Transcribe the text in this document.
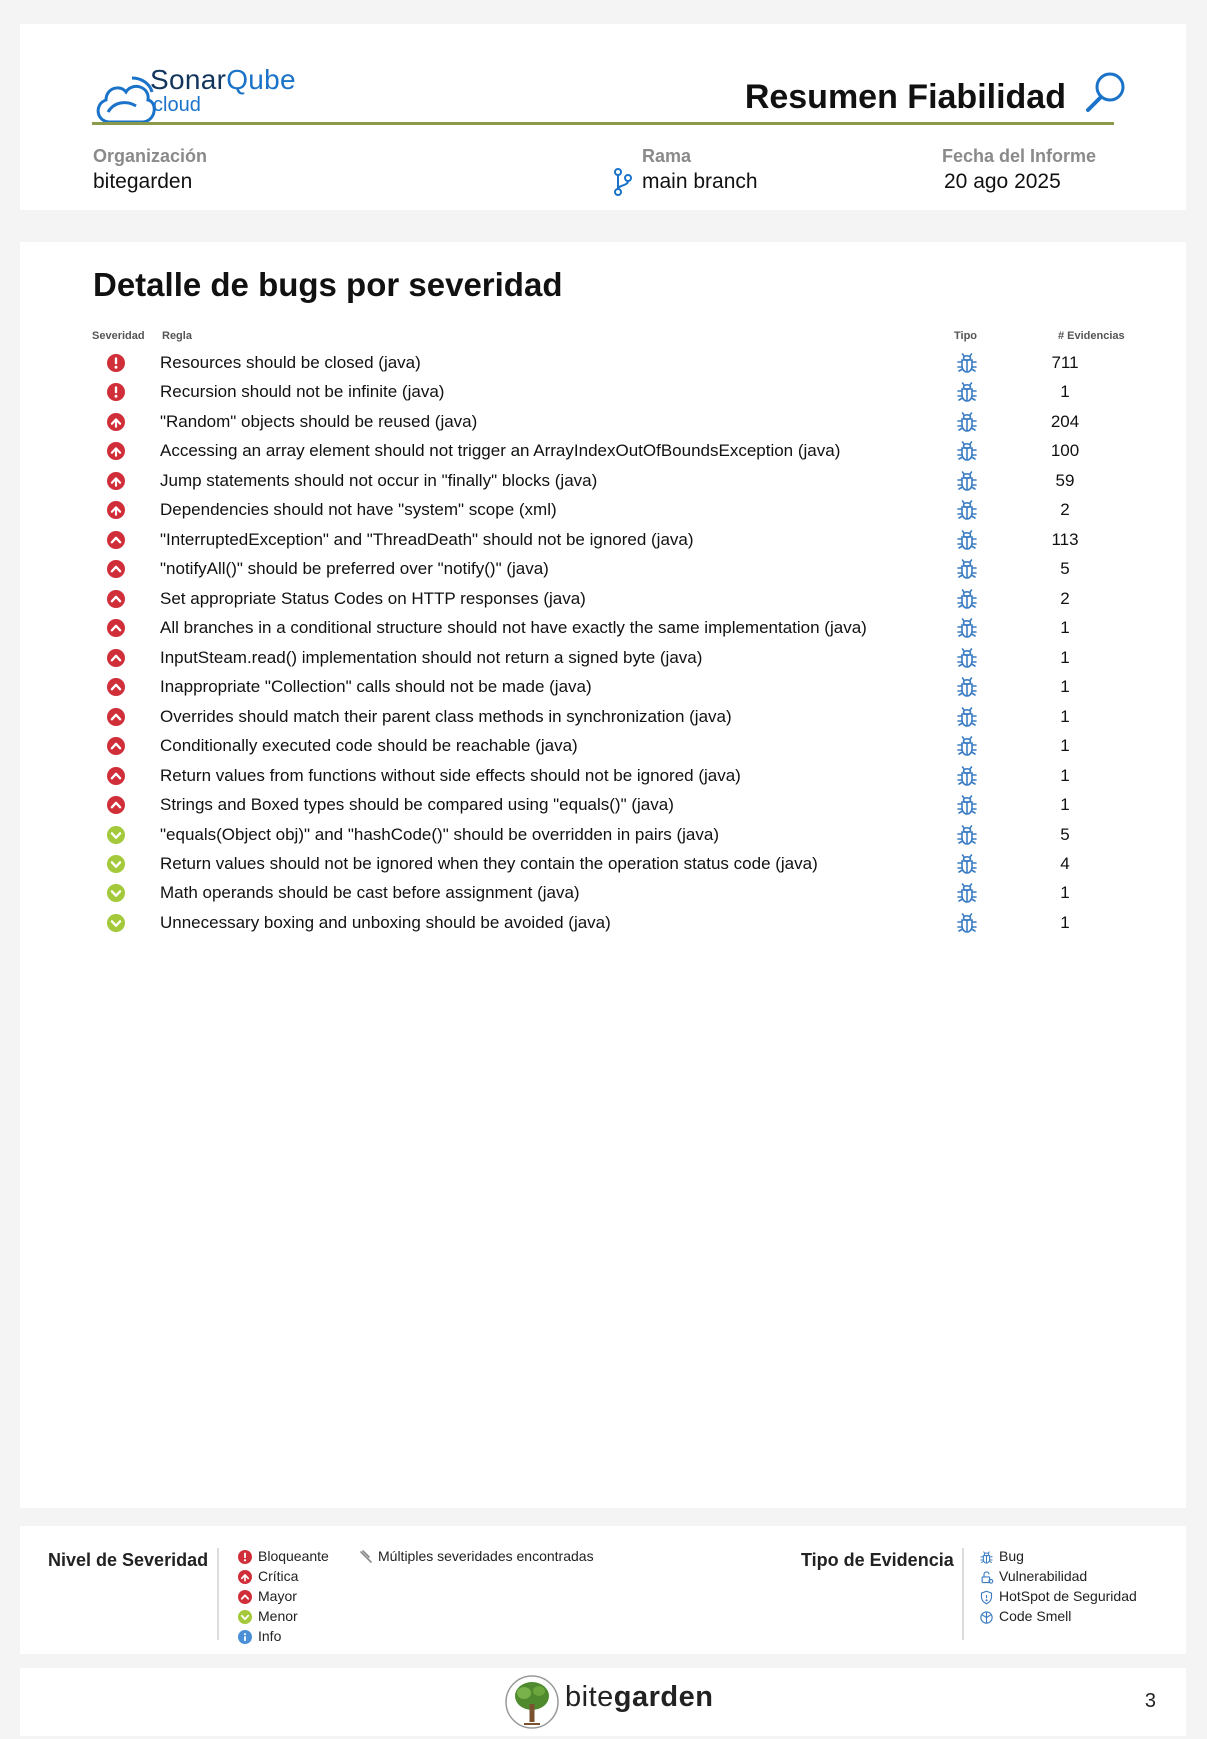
SonarQube
cloud	Resumen Fiabilidad
Organización
bitegarden
Rama
main branch
Fecha del Informe
20 ago 2025
Detalle de bugs por severidad
Severidad Regla	Tipo	# Evidencias
Resources should be closed (java)	711
Recursion should not be infinite (java)	1
"Random" objects should be reused (java)	204
Accessing an array element should not trigger an ArrayIndexOutOfBoundsException (java)	100
Jump statements should not occur in "finally" blocks (java)	59
Dependencies should not have "system" scope (xml)	2
"InterruptedException" and "ThreadDeath" should not be ignored (java)	113
"notifyAll()" should be preferred over "notify()" (java)	5
Set appropriate Status Codes on HTTP responses (java)	2
All branches in a conditional structure should not have exactly the same implementation (java)	1
InputSteam.read() implementation should not return a signed byte (java)	1
Inappropriate "Collection" calls should not be made (java)	1
Overrides should match their parent class methods in synchronization (java)	1
Conditionally executed code should be reachable (java)	1
Return values from functions without side effects should not be ignored (java)	1
Strings and Boxed types should be compared using "equals()" (java)	1
"equals(Object obj)" and "hashCode()" should be overridden in pairs (java)	5
Return values should not be ignored when they contain the operation status code (java)	4
Math operands should be cast before assignment (java)	1
Unnecessary boxing and unboxing should be avoided (java)	1
Nivel de Severidad	Bloqueante
Crítica
Mayor
Menor
Info
Múltiples severidades encontradas	Tipo de Evidencia	Bug
Vulnerabilidad
HotSpot de Seguridad
Code Smell
bitegarden	3
